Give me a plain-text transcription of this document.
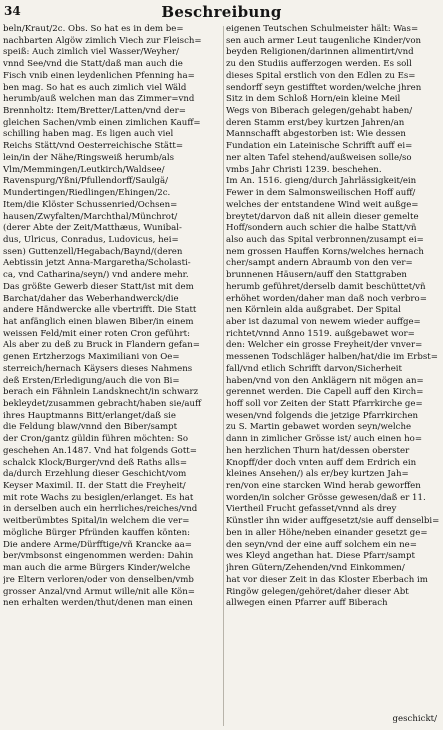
34	Beschreibung
beln/Kraut/2c. Obs. So hat es in dem be=
nachbarten Algöw zimlich Viech zur Fleisch=
speiß: Auch zimlich viel Wasser/Weyher/
vnnd See/vnd die Statt/daß man auch die
Fisch vnib einen leydenlichen Pfenning ha=
ben mag. So hat es auch zimlich viel Wäld
herumb/auß welchen man das Zimmer=vnd
Brennholtz: Item/Bretter/Latten/vnd der=
gleichen Sachen/vmb einen zimlichen Kauff=
schilling haben mag. Es ligen auch viel
Reichs Stätt/vnd Oesterreichische Stätt=
lein/in der Nähe/Ringsweiß herumb/als
Vlm/Memmingen/Leutkirch/Waldsee/
Ravenspurg/Yßni/Pfullendorff/Saulgä/
Mundertingen/Riedlingen/Ehingen/2c.
Item/die Klöster Schussenried/Ochsen=
hausen/Zwyfalten/Marchthal/Münchrot/
(derer Abte der Zeit/Matthæus, Wunibal-
dus, Ulricus, Conradus, Ludovicus, hei=
ssen) Guttenzell/Hegabach/Baynd/(deren
Aebtissin jetzt Anna-Margaretha/Scholasti-
ca, vnd Catharina/seyn/) vnd andere mehr.
Das größte Gewerb dieser Statt/ist mit dem
Barchat/daher das Weberhandwerck/die
andere Händwercke alle vbertrifft. Die Statt
hat anfänglich einen blawen Biber/in einem
weissen Feld/mit einer roten Cron geführt:
Als aber zu deß zu Bruck in Flandern gefan=
genen Ertzherzogs Maximiliani von Oe=
sterreich/hernach Käysers dieses Nahmens
deß Ersten/Erledigung/auch die von Bi=
berach ein Fähnlein Landsknecht/in schwarz
bekleydet/zusammen gebracht/haben sie/auff
ihres Hauptmanns Bitt/erlanget/daß sie
die Feldung blaw/vnnd den Biber/sampt
der Cron/gantz güldin führen möchten: So
geschehen An.1487. Vnd hat folgends Gott=
schalck Klock/Burger/vnd deß Raths alls=
da/durch Erzehlung dieser Geschicht/vom
Keyser Maximil. II. der Statt die Freyheit/
mit rote Wachs zu besiglen/erlanget. Es hat
in derselben auch ein herrliches/reiches/vnd
weitberümbtes Spital/in welchem die ver=
mögliche Bürger Pfründen kauffen könten:
Die andere Arme/Dürfftige/vñ Krancke aa=
ber/vmbsonst eingenommen werden: Dahin
man auch die arme Bürgers Kinder/welche
jre Eltern verloren/oder von denselben/vmb
grosser Anzal/vnd Armut wille/nit alle Kön=
nen erhalten werden/thut/denen man einen
eigenen Teutschen Schulmeister hält: Was=
sen auch armer Leut taugenliche Kinder/von
beyden Religionen/darinnen alimentirt/vnd
zu den Studiis aufferzogen werden. Es soll
dieses Spital erstlich von den Edlen zu Es=
sendorff seyn gestifftet worden/welche jhren
Sitz in dem Schloß Horn/ein kleine Meil
Wegs von Biberach gelegen/gehabt haben/
deren Stamm erst/bey kurtzen Jahren/an
Mannschafft abgestorben ist: Wie dessen
Fundation ein Lateinische Schrifft auff ei=
ner alten Tafel stehend/außweisen solle/so
vmbs Jahr Christi 1239. beschehen.
Im An. 1516. gieng/durch Jahrlässigkeit/ein
Fewer in dem Salmonsweilischen Hoff auff/
welches der entstandene Wind weit außge=
breytet/darvon daß nit allein dieser gemelte
Hoff/sondern auch schier die halbe Statt/vñ
also auch das Spital verbronnen/zusampt ei=
nem grossen Hauffen Korns/welches hernach
cher/sampt andern Abraumb von den ver=
brunnenen Häusern/auff den Stattgraben
herumb geführet/derselb damit beschüttet/vñ
erhöhet worden/daher man daß noch verbro=
nen Körnlein alda außgrabet. Der Spital
aber ist dazumal von newem wieder auffge=
richtet/vnnd Anno 1519. außgebawet wor=
den: Welcher ein grosse Freyheit/der vnver=
messenen Todschläger halben/hat/die im Erbst=
fall/vnd etlich Schrifft darvon/Sicherheit
haben/vnd von den Anklägern nit mögen an=
gerennet werden. Die Capell auff den Kirch=
hoff soll vor Zeiten der Statt Pfarrkirche ge=
wesen/vnd folgends die jetzige Pfarrkirchen
zu S. Martin gebawet worden seyn/welche
dann in zimlicher Grösse ist/ auch einen ho=
hen herzlichen Thurn hat/dessen oberster
Knopff/der doch vnten auff dem Erdrich ein
kleines Ansehen/) als er/bey kurtzen Jah=
ren/von eine starcken Wind herab geworffen
worden/in solcher Grösse gewesen/daß er 11.
Viertheil Frucht gefasset/vnnd als drey
Künstler ihn wider auffgesetzt/sie auff denselbi=
ben in aller Höhe/neben einander gesetzt ge=
den seyn/vnd der eine auff solchem ein ne=
wes Kleyd angethan hat. Diese Pfarr/sampt
jhren Gütern/Zehenden/vnd Einkommen/
hat vor dieser Zeit in das Kloster Eberbach im
Ringöw gelegen/gehöret/daher dieser Abt
allwegen einen Pfarrer auff Biberach
geschickt/
